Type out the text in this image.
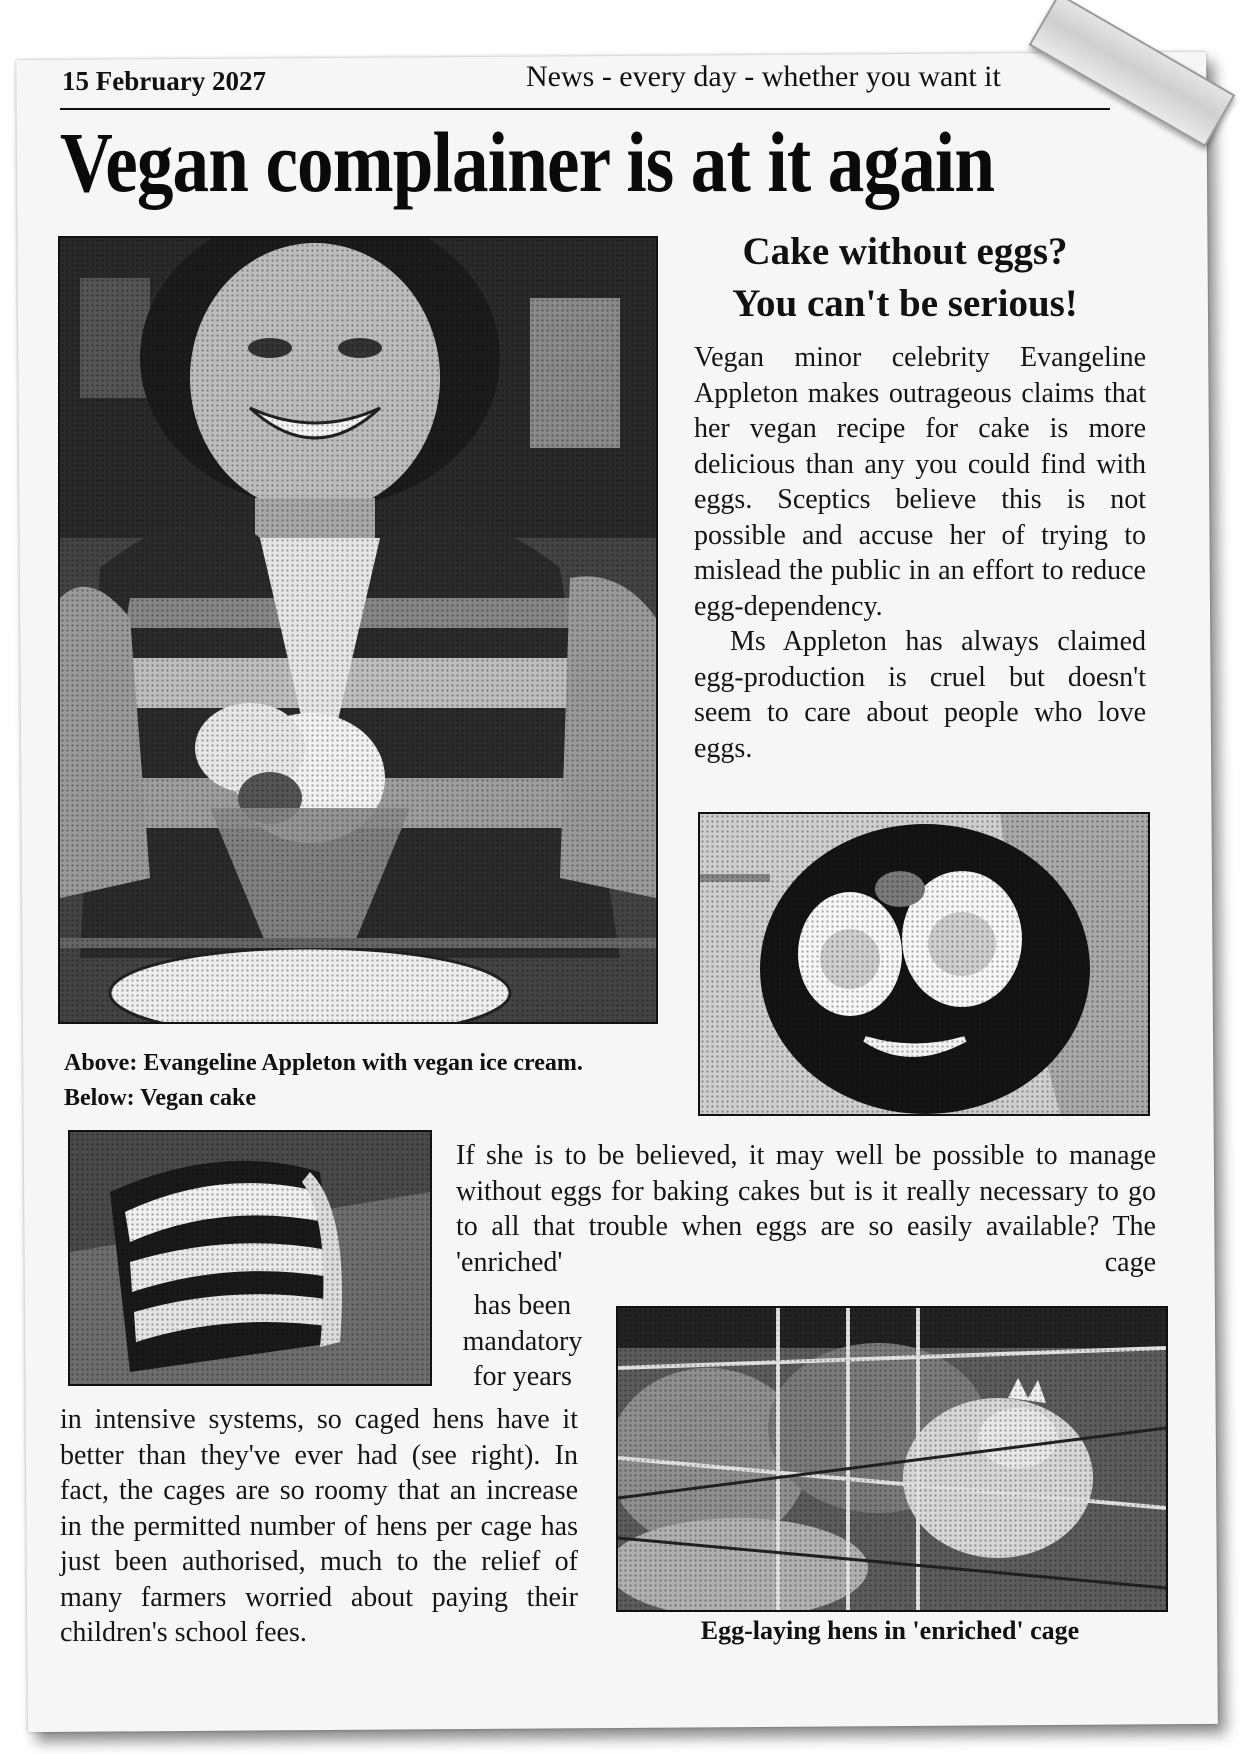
15 February 2027	News - every day - whether you want it
Vegan complainer is at it again
Cake without eggs?
You can't be serious!
Vegan minor celebrity Evangeline Appleton makes outrageous claims that her vegan recipe for cake is more delicious than any you could find with eggs. Sceptics believe this is not possible and accuse her of trying to mislead the public in an effort to reduce egg-dependency.
Ms Appleton has always claimed egg-production is cruel but doesn't seem to care about people who love eggs.
Above: Evangeline Appleton with vegan ice cream.
Below: Vegan cake
If she is to be believed, it may well be possible to manage without eggs for baking cakes but is it really necessary to go to all that trouble when eggs are so easily available? The 'enriched' cage
has been mandatory for years
in intensive systems, so caged hens have it better than they've ever had (see right). In fact, the cages are so roomy that an increase in the permitted number of hens per cage has just been authorised, much to the relief of many farmers worried about paying their children's school fees.	Egg-laying hens in 'enriched' cage
